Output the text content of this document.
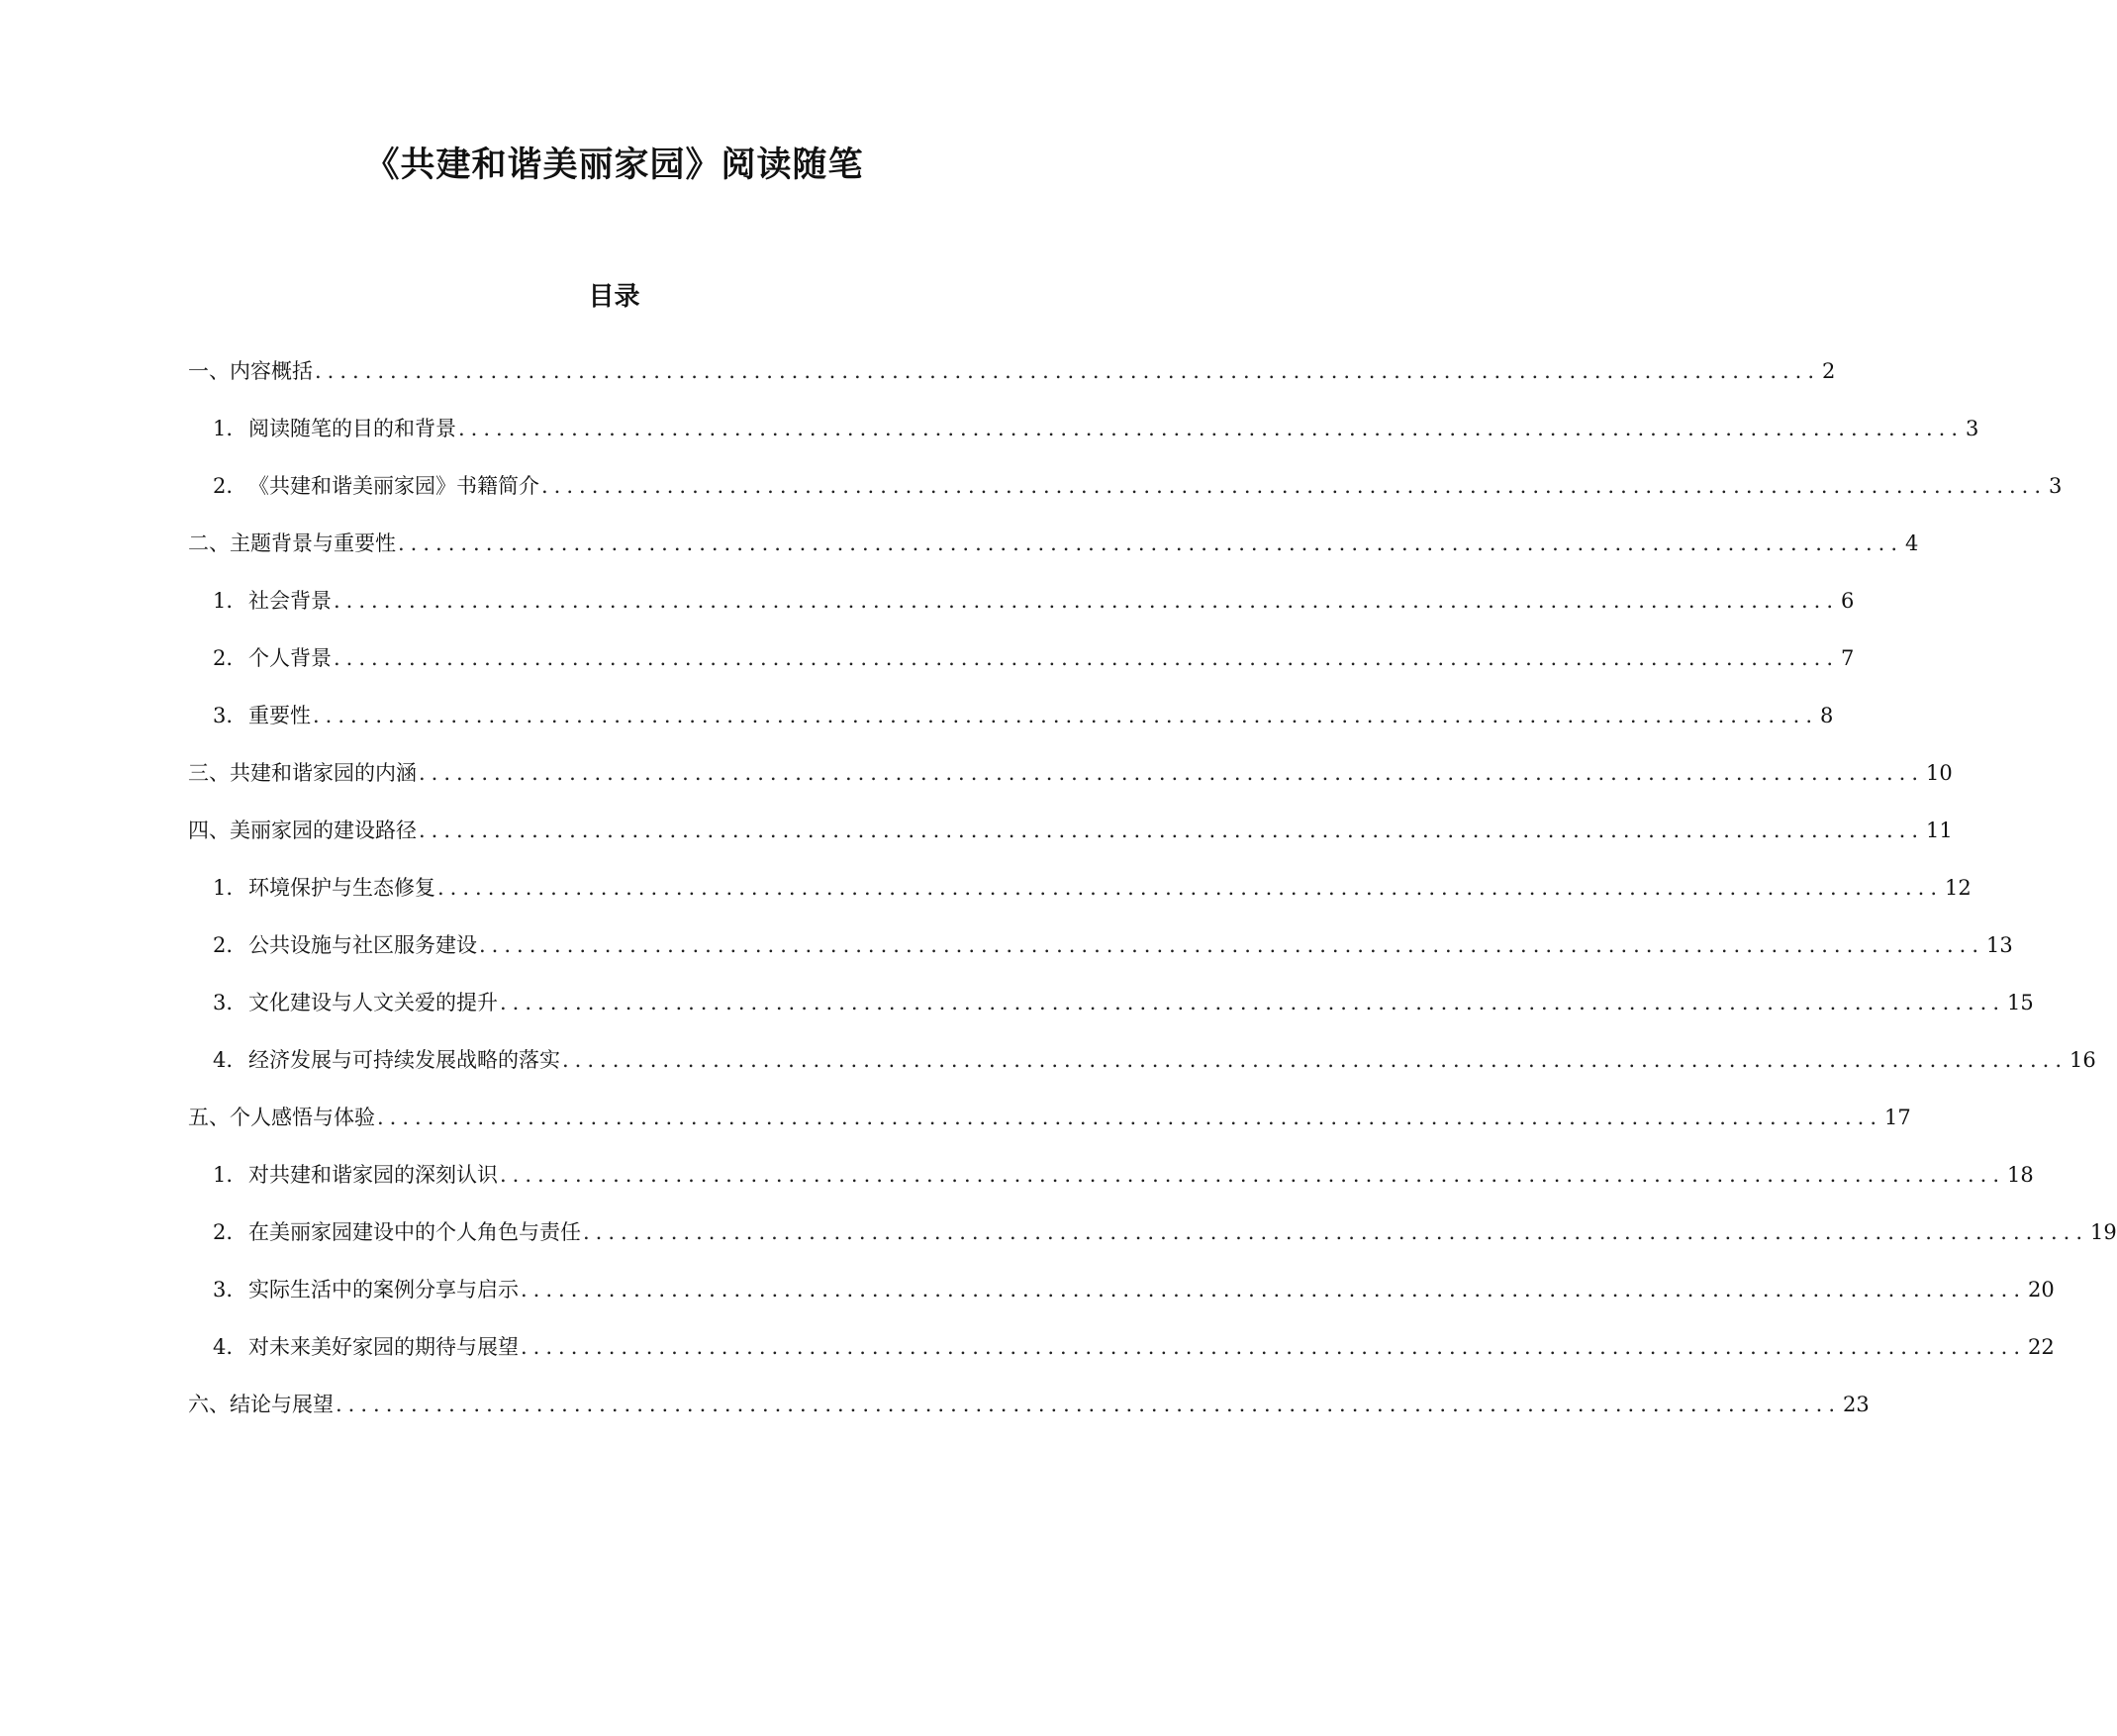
《共建和谐美丽家园》阅读随笔
目录
一、内容概括 ........................................................................................................................ 2
1. 阅读随笔的目的和背景 ........................................................................................................................ 3
2. 《共建和谐美丽家园》书籍简介 ........................................................................................................................ 3
二、主题背景与重要性 ........................................................................................................................ 4
1. 社会背景 ........................................................................................................................ 6
2. 个人背景 ........................................................................................................................ 7
3. 重要性 ........................................................................................................................ 8
三、共建和谐家园的内涵 ........................................................................................................................ 10
四、美丽家园的建设路径 ........................................................................................................................ 11
1. 环境保护与生态修复 ........................................................................................................................ 12
2. 公共设施与社区服务建设 ........................................................................................................................ 13
3. 文化建设与人文关爱的提升 ........................................................................................................................ 15
4. 经济发展与可持续发展战略的落实 ........................................................................................................................ 16
五、个人感悟与体验 ........................................................................................................................ 17
1. 对共建和谐家园的深刻认识 ........................................................................................................................ 18
2. 在美丽家园建设中的个人角色与责任 ........................................................................................................................ 19
3. 实际生活中的案例分享与启示 ........................................................................................................................ 20
4. 对未来美好家园的期待与展望 ........................................................................................................................ 22
六、结论与展望 ........................................................................................................................ 23
